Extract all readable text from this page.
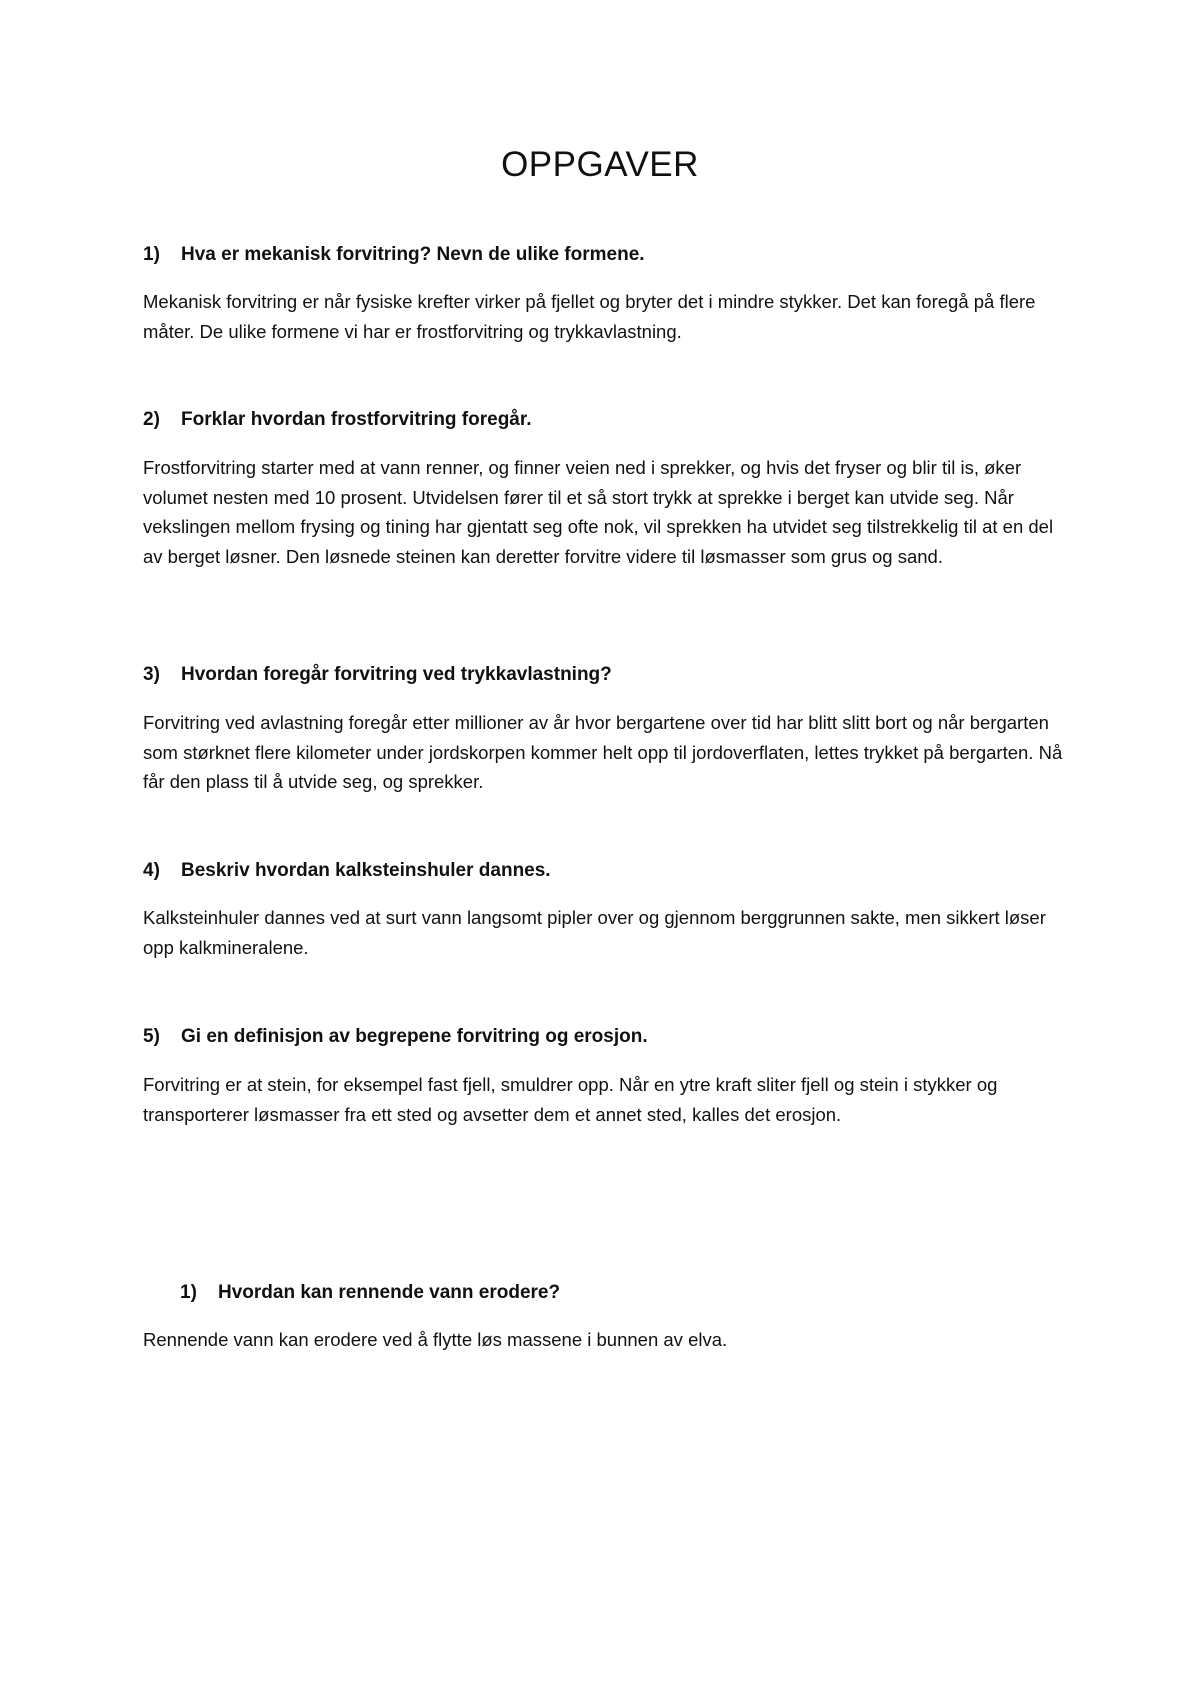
OPPGAVER

1)	Hva er mekanisk forvitring? Nevn de ulike formene.

Mekanisk forvitring er når fysiske krefter virker på fjellet og bryter det i mindre stykker. Det kan foregå på flere måter. De ulike formene vi har er frostforvitring og trykkavlastning.

2)	Forklar hvordan frostforvitring foregår.

Frostforvitring starter med at vann renner, og finner veien ned i sprekker, og hvis det fryser og blir til is, øker volumet nesten med 10 prosent. Utvidelsen fører til et så stort trykk at sprekke i berget kan utvide seg. Når vekslingen mellom frysing og tining har gjentatt seg ofte nok, vil sprekken ha utvidet seg tilstrekkelig til at en del av berget løsner. Den løsnede steinen kan deretter forvitre videre til løsmasser som grus og sand.

3)	Hvordan foregår forvitring ved trykkavlastning?

Forvitring ved avlastning foregår etter millioner av år hvor bergartene over tid har blitt slitt bort og når bergarten som størknet flere kilometer under jordskorpen kommer helt opp til jordoverflaten, lettes trykket på bergarten. Nå får den plass til å utvide seg, og sprekker.

4)	Beskriv hvordan kalksteinshuler dannes.

Kalksteinhuler dannes ved at surt vann langsomt pipler over og gjennom berggrunnen sakte, men sikkert løser opp kalkmineralene.

5)	Gi en definisjon av begrepene forvitring og erosjon.

Forvitring er at stein, for eksempel fast fjell, smuldrer opp. Når en ytre kraft sliter fjell og stein i stykker og transporterer løsmasser fra ett sted og avsetter dem et annet sted, kalles det erosjon.

1)	Hvordan kan rennende vann erodere?

Rennende vann kan erodere ved å flytte løs massene i bunnen av elva.
